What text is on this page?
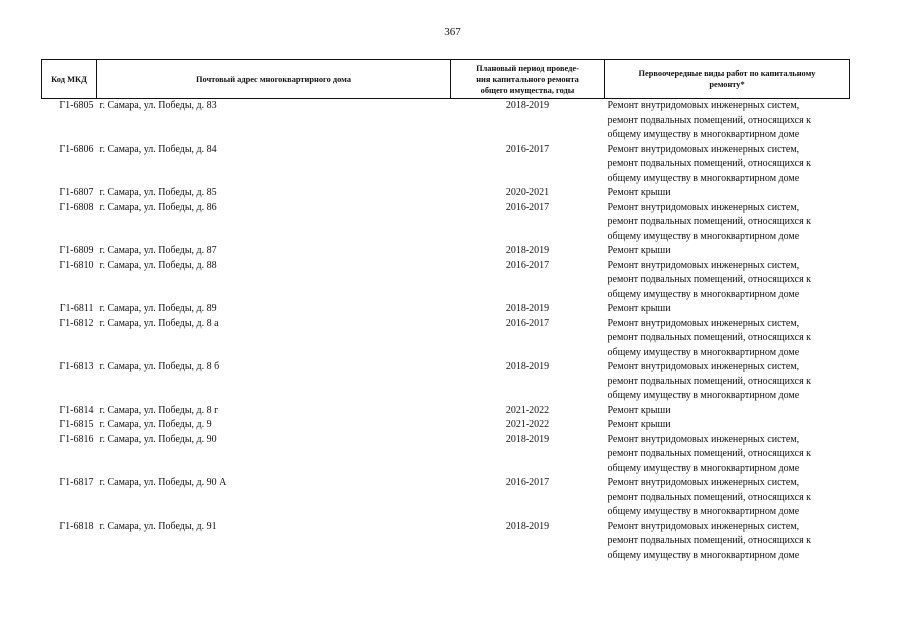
367
Код МКД	Почтовый адрес многоквартирного дома	Плановый период проведе-
ния капитального ремонта
общего имущества, годы	Первоочередные виды работ по капитальному
ремонту*

Г1-6805	г. Самара, ул. Победы, д. 83	2018-2019	Ремонт внутридомовых инженерных систем,
ремонт подвальных помещений, относящихся к
общему имуществу в многоквартирном доме

Г1-6806	г. Самара, ул. Победы, д. 84	2016-2017	Ремонт внутридомовых инженерных систем,
ремонт подвальных помещений, относящихся к
общему имуществу в многоквартирном доме

Г1-6807	г. Самара, ул. Победы, д. 85	2020-2021	Ремонт крыши

Г1-6808	г. Самара, ул. Победы, д. 86	2016-2017	Ремонт внутридомовых инженерных систем,
ремонт подвальных помещений, относящихся к
общему имуществу в многоквартирном доме

Г1-6809	г. Самара, ул. Победы, д. 87	2018-2019	Ремонт крыши

Г1-6810	г. Самара, ул. Победы, д. 88	2016-2017	Ремонт внутридомовых инженерных систем,
ремонт подвальных помещений, относящихся к
общему имуществу в многоквартирном доме

Г1-6811	г. Самара, ул. Победы, д. 89	2018-2019	Ремонт крыши

Г1-6812	г. Самара, ул. Победы, д. 8 а	2016-2017	Ремонт внутридомовых инженерных систем,
ремонт подвальных помещений, относящихся к
общему имуществу в многоквартирном доме

Г1-6813	г. Самара, ул. Победы, д. 8 б	2018-2019	Ремонт внутридомовых инженерных систем,
ремонт подвальных помещений, относящихся к
общему имуществу в многоквартирном доме

Г1-6814	г. Самара, ул. Победы, д. 8 г	2021-2022	Ремонт крыши

Г1-6815	г. Самара, ул. Победы, д. 9	2021-2022	Ремонт крыши

Г1-6816	г. Самара, ул. Победы, д. 90	2018-2019	Ремонт внутридомовых инженерных систем,
ремонт подвальных помещений, относящихся к
общему имуществу в многоквартирном доме

Г1-6817	г. Самара, ул. Победы, д. 90 А	2016-2017	Ремонт внутридомовых инженерных систем,
ремонт подвальных помещений, относящихся к
общему имуществу в многоквартирном доме

Г1-6818	г. Самара, ул. Победы, д. 91	2018-2019	Ремонт внутридомовых инженерных систем,
ремонт подвальных помещений, относящихся к
общему имуществу в многоквартирном доме
